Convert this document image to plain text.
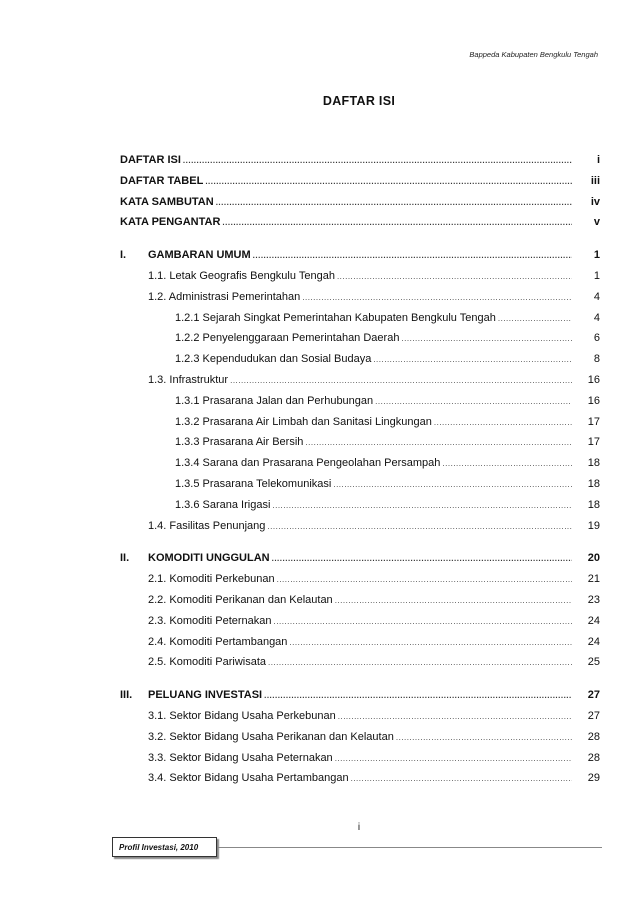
Bappeda Kabupaten Bengkulu Tengah
DAFTAR ISI
DAFTAR ISI .....	i
DAFTAR TABEL .....	iii
KATA SAMBUTAN .....	iv
KATA PENGANTAR .....	v
I.	GAMBARAN UMUM .....	1
1.1. Letak Geografis Bengkulu Tengah .....	1
1.2. Administrasi Pemerintahan .....	4
1.2.1 Sejarah Singkat Pemerintahan Kabupaten Bengkulu Tengah .....	4
1.2.2 Penyelenggaraan Pemerintahan Daerah .....	6
1.2.3 Kependudukan dan Sosial Budaya .....	8
1.3. Infrastruktur .....	16
1.3.1 Prasarana Jalan dan Perhubungan .....	16
1.3.2 Prasarana Air Limbah dan Sanitasi Lingkungan .....	17
1.3.3 Prasarana Air Bersih .....	17
1.3.4 Sarana dan Prasarana Pengeolahan Persampah .....	18
1.3.5 Prasarana Telekomunikasi .....	18
1.3.6 Sarana Irigasi .....	18
1.4. Fasilitas Penunjang .....	19
II.	KOMODITI UNGGULAN .....	20
2.1. Komoditi Perkebunan .....	21
2.2. Komoditi Perikanan dan Kelautan .....	23
2.3. Komoditi Peternakan .....	24
2.4. Komoditi Pertambangan .....	24
2.5. Komoditi Pariwisata .....	25
III.	PELUANG INVESTASI .....	27
3.1. Sektor Bidang Usaha Perkebunan .....	27
3.2. Sektor Bidang Usaha Perikanan dan Kelautan .....	28
3.3. Sektor Bidang Usaha Peternakan .....	28
3.4. Sektor Bidang Usaha Pertambangan .....	29
i
Profil Investasi, 2010
